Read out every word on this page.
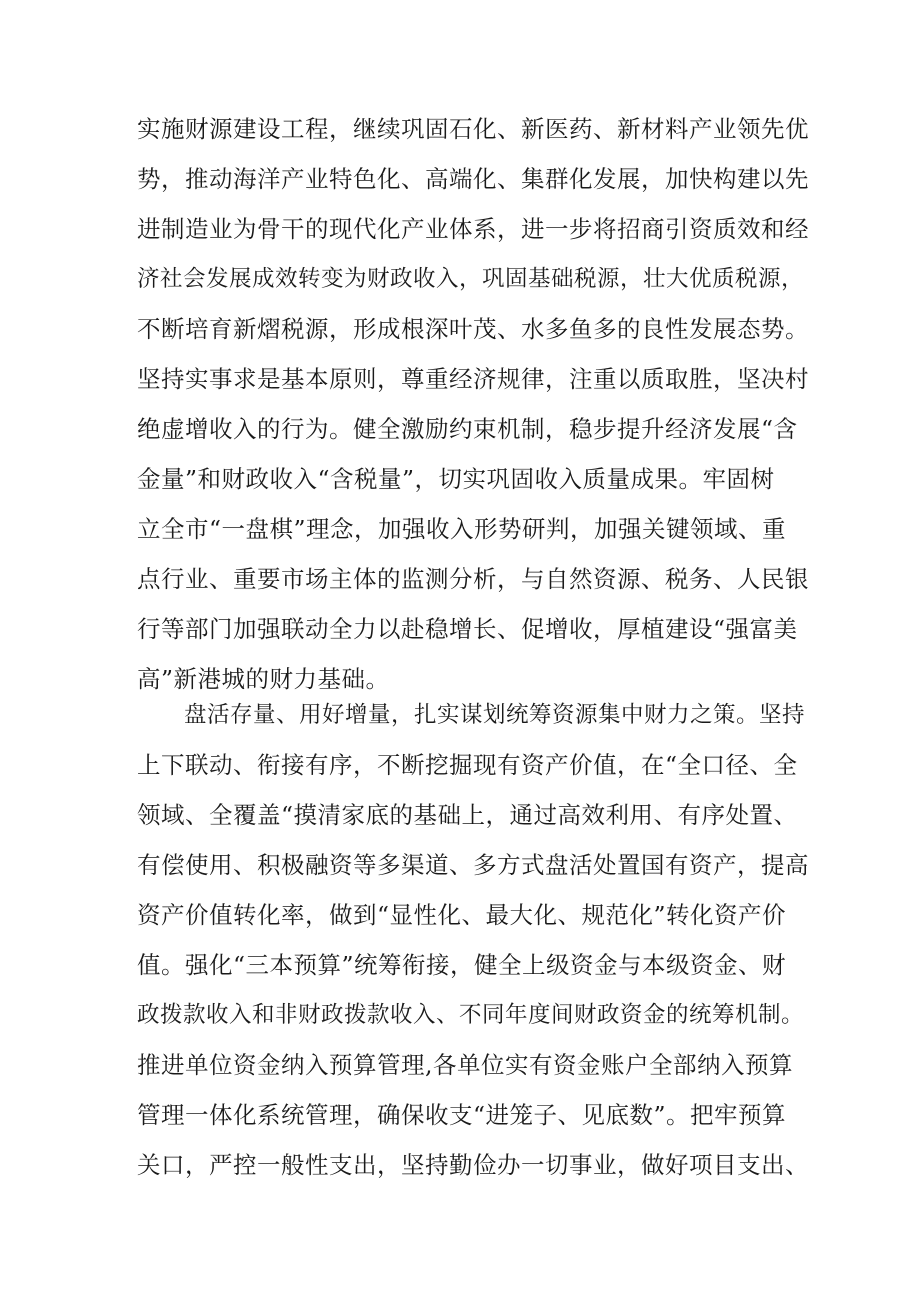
实施财源建设工程，继续巩固石化、新医药、新材料产业领先优
势，推动海洋产业特色化、高端化、集群化发展，加快构建以先
进制造业为骨干的现代化产业体系，进一步将招商引资质效和经
济社会发展成效转变为财政收入，巩固基础税源，壮大优质税源，
不断培育新熠税源，形成根深叶茂、水多鱼多的良性发展态势。
坚持实事求是基本原则，尊重经济规律，注重以质取胜，坚决村
绝虚增收入的行为。健全激励约束机制，稳步提升经济发展“含
金量”和财政收入“含税量”，切实巩固收入质量成果。牢固树
立全市“一盘棋”理念，加强收入形势研判，加强关键领域、重
点行业、重要市场主体的监测分析，与自然资源、税务、人民银
行等部门加强联动全力以赴稳增长、促增收，厚植建设“强富美
高”新港城的财力基础。
盘活存量、用好增量，扎实谋划统筹资源集中财力之策。坚持
上下联动、衔接有序，不断挖掘现有资产价值，在“全口径、全
领域、全覆盖“摸清家底的基础上，通过高效利用、有序处置、
有偿使用、积极融资等多渠道、多方式盘活处置国有资产，提高
资产价值转化率，做到“显性化、最大化、规范化”转化资产价
值。强化“三本预算”统筹衔接，健全上级资金与本级资金、财
政拨款收入和非财政拨款收入、不同年度间财政资金的统筹机制。
推进单位资金纳入预算管理,各单位实有资金账户全部纳入预算
管理一体化系统管理，确保收支“进笼子、见底数”。把牢预算
关口，严控一般性支出，坚持勤俭办一切事业，做好项目支出、
